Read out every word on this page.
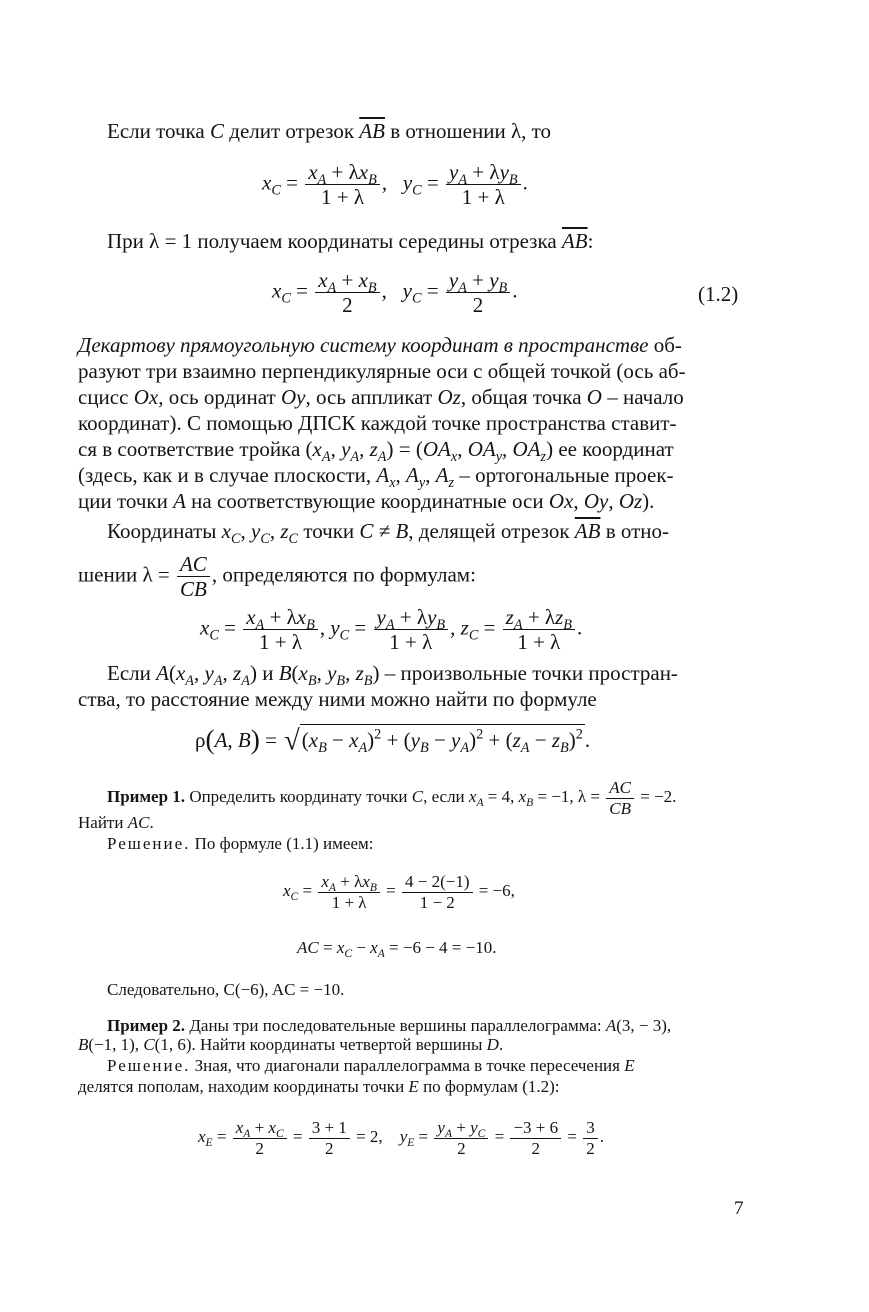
Если точка C делит отрезок $\overline{AB}$ в отношении λ, то
$x_C = \frac{x_A + \lambda x_B}{1 + \lambda}$ ,   $y_C = \frac{y_A + \lambda y_B}{1 + \lambda}$ .
При λ = 1 получаем координаты середины отрезка $\overline{AB}$:
$x_C = \frac{x_A + x_B}{2}$ ,   $y_C = \frac{y_A + y_B}{2}$ .	(1.2)
Декартову прямоугольную систему координат в пространстве об-
разуют три взаимно перпендикулярные оси с общей точкой (ось аб-
сцисс Ox, ось ординат Oy, ось аппликат Oz, общая точка O – начало
координат). С помощью ДПСК каждой точке пространства ставит-
ся в соответствие тройка ($x_A$, $y_A$, $z_A) = (OA_x$, $OA_y$, $OA_z$) ее координат
(здесь, как и в случае плоскости, $A_x$, $A_y$, $A_z$ – ортогональные проек-
ции точки A на соответствующие координатные оси Ox, Oy, Oz).
Координаты $x_C$, $y_C$, $z_C$ точки C ≠ B, делящей отрезок $\overline{AB}$ в отно-
шении $\lambda = \frac{AC}{CB}$ , определяются по формулам:
$x_C = \frac{x_A + \lambda x_B}{1 + \lambda}$ , $y_C = \frac{y_A + \lambda y_B}{1 + \lambda}$ , $z_C = \frac{z_A + \lambda z_B}{1 + \lambda}$ .
Если $A(x_A$, $y_A$, $z_A$) и $B(x_B$, $y_B$, $z_B$) – произвольные точки простран-
ства, то расстояние между ними можно найти по формуле
ρ(A, $B) = √(x_B - x_A)^2 + (y_B - y_A)^2 + (z_A - z_B)^2$.
Пример 1. Определить координату точки C, если $x_A = 4$, $x_B = -1$, $\lambda = \frac{AC}{CB} = -2$.
Найти AC.
Решение. По формуле (1.1) имеем:
$x_C = \frac{x_A + \lambda x_B}{1 + \lambda} = \frac{4 - 2(-1)}{1 - 2} = -6$,
AC = $x_C - x_A = -6 - 4 = -10$.
Следовательно, C(−6), AC = −10.
Пример 2. Даны три последовательные вершины параллелограмма: A(3, − 3),
B(−1, 1), C(1, 6). Найти координаты четвертой вершины D.
Решение. Зная, что диагонали параллелограмма в точке пересечения E
делятся пополам, находим координаты точки E по формулам (1.2):
$x_E = \frac{x_A + x_C}{2} = \frac{3 + 1}{2} = 2$,    $y_E = \frac{y_A + y_C}{2} = \frac{-3 + 6}{2} = \frac{3}{2}$ .
7
